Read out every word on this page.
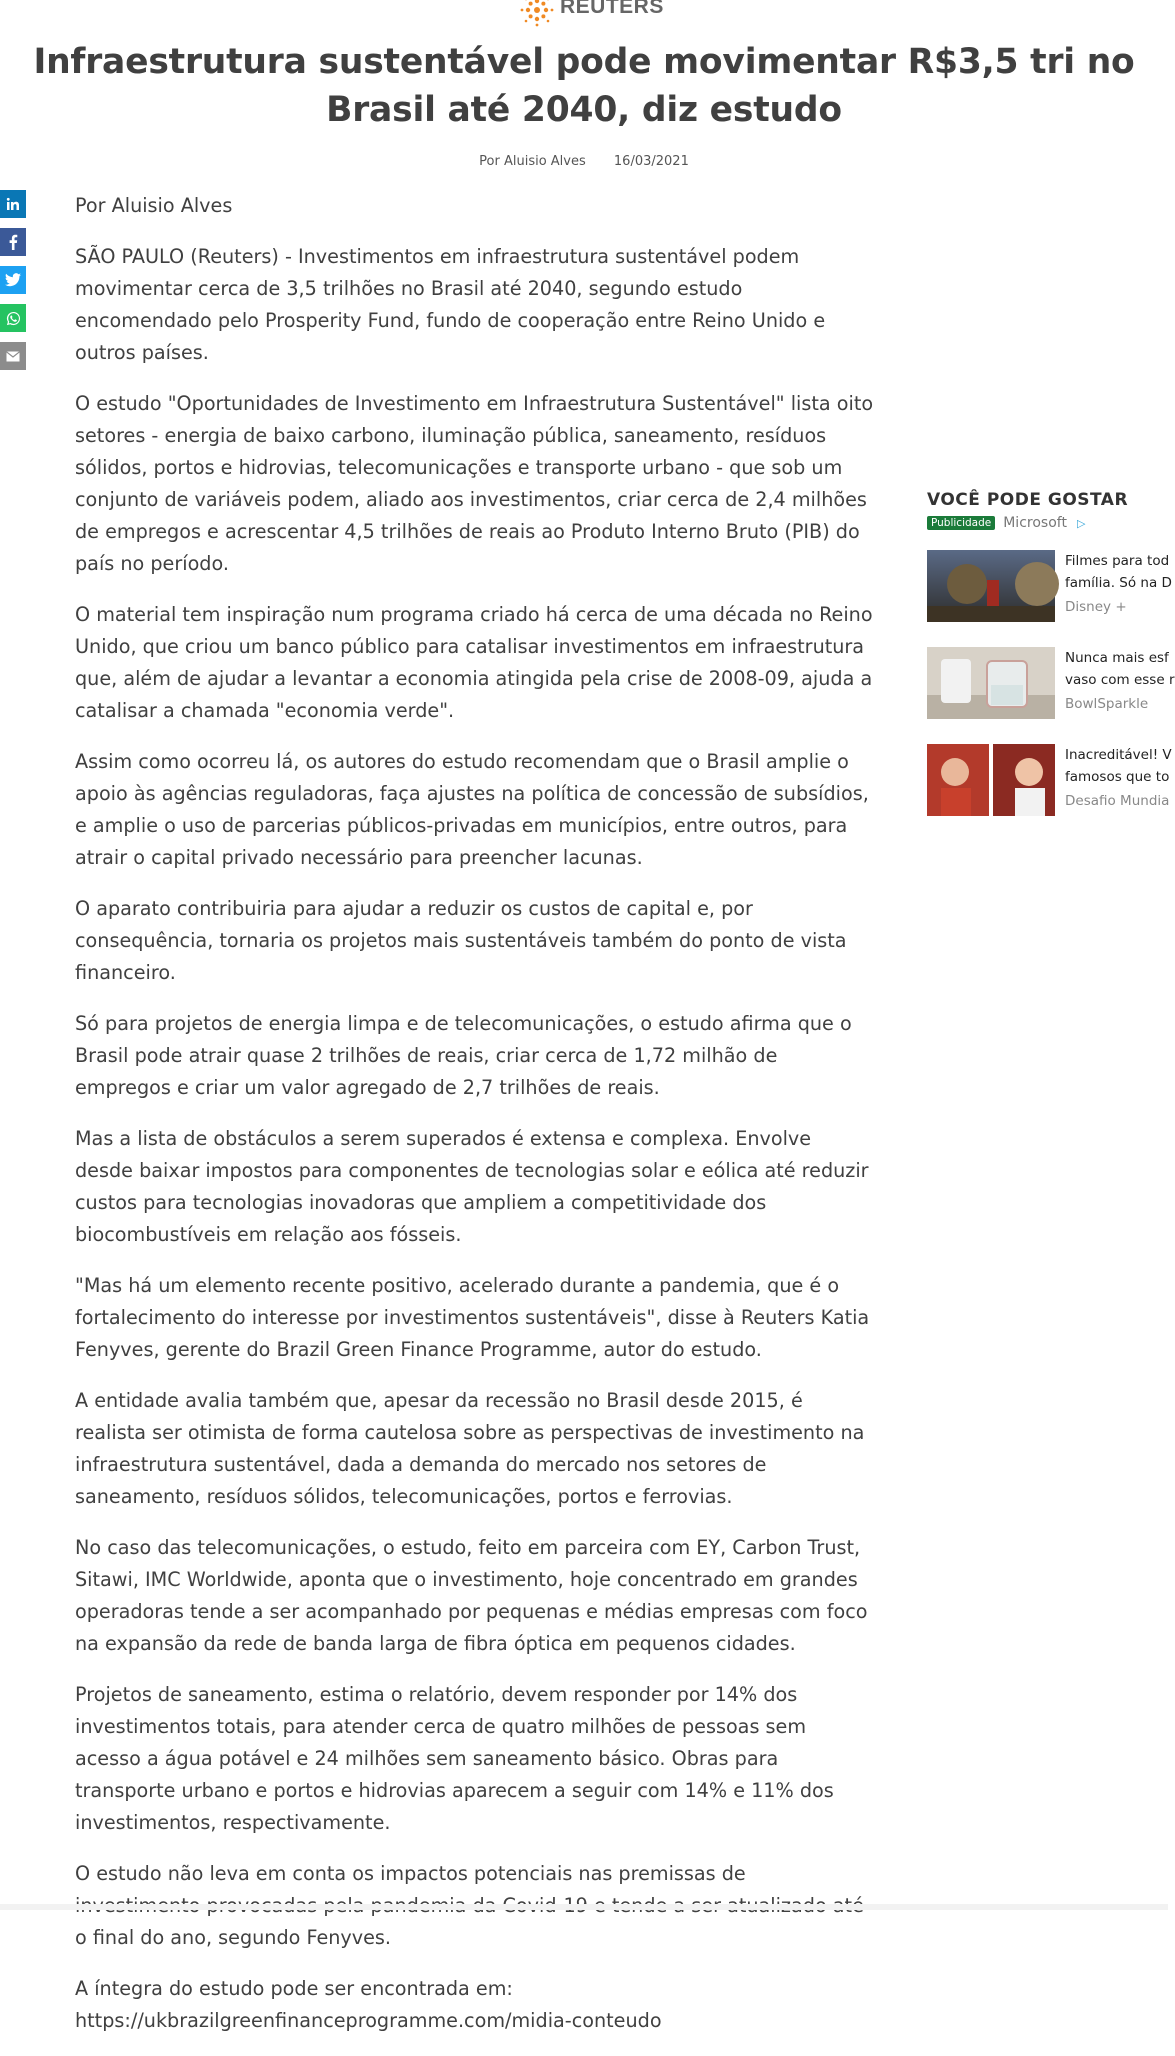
REUTERS
Infraestrutura sustentável pode movimentar R$3,5 tri no Brasil até 2040, diz estudo
Por Aluisio Alves 16/03/2021
Por Aluisio Alves

SÃO PAULO (Reuters) - Investimentos em infraestrutura sustentável podem movimentar cerca de 3,5 trilhões no Brasil até 2040, segundo estudo encomendado pelo Prosperity Fund, fundo de cooperação entre Reino Unido e outros países.

O estudo "Oportunidades de Investimento em Infraestrutura Sustentável" lista oito setores - energia de baixo carbono, iluminação pública, saneamento, resíduos sólidos, portos e hidrovias, telecomunicações e transporte urbano - que sob um conjunto de variáveis podem, aliado aos investimentos, criar cerca de 2,4 milhões de empregos e acrescentar 4,5 trilhões de reais ao Produto Interno Bruto (PIB) do país no período.

O material tem inspiração num programa criado há cerca de uma década no Reino Unido, que criou um banco público para catalisar investimentos em infraestrutura que, além de ajudar a levantar a economia atingida pela crise de 2008-09, ajuda a catalisar a chamada "economia verde".

Assim como ocorreu lá, os autores do estudo recomendam que o Brasil amplie o apoio às agências reguladoras, faça ajustes na política de concessão de subsídios, e amplie o uso de parcerias públicos-privadas em municípios, entre outros, para atrair o capital privado necessário para preencher lacunas.

O aparato contribuiria para ajudar a reduzir os custos de capital e, por consequência, tornaria os projetos mais sustentáveis também do ponto de vista financeiro.

Só para projetos de energia limpa e de telecomunicações, o estudo afirma que o Brasil pode atrair quase 2 trilhões de reais, criar cerca de 1,72 milhão de empregos e criar um valor agregado de 2,7 trilhões de reais.

Mas a lista de obstáculos a serem superados é extensa e complexa. Envolve desde baixar impostos para componentes de tecnologias solar e eólica até reduzir custos para tecnologias inovadoras que ampliem a competitividade dos biocombustíveis em relação aos fósseis.

"Mas há um elemento recente positivo, acelerado durante a pandemia, que é o fortalecimento do interesse por investimentos sustentáveis", disse à Reuters Katia Fenyves, gerente do Brazil Green Finance Programme, autor do estudo.

A entidade avalia também que, apesar da recessão no Brasil desde 2015, é realista ser otimista de forma cautelosa sobre as perspectivas de investimento na infraestrutura sustentável, dada a demanda do mercado nos setores de saneamento, resíduos sólidos, telecomunicações, portos e ferrovias.

No caso das telecomunicações, o estudo, feito em parceira com EY, Carbon Trust, Sitawi, IMC Worldwide, aponta que o investimento, hoje concentrado em grandes operadoras tende a ser acompanhado por pequenas e médias empresas com foco na expansão da rede de banda larga de fibra óptica em pequenos cidades.

Projetos de saneamento, estima o relatório, devem responder por 14% dos investimentos totais, para atender cerca de quatro milhões de pessoas sem acesso a água potável e 24 milhões sem saneamento básico. Obras para transporte urbano e portos e hidrovias aparecem a seguir com 14% e 11% dos investimentos, respectivamente.

O estudo não leva em conta os impactos potenciais nas premissas de o final do ano, segundo Fenyves.

A íntegra do estudo pode ser encontrada em: https://ukbrazilgreenfinanceprogramme.com/midia-conteudo

VOCÊ PODE GOSTAR
Publicidade Microsoft ▷
Filmes para tod
família. Só na D
Disney +
Nunca mais esf
vaso com esse r
BowlSparkle
Inacreditável! V
famosos que to
Desafio Mundia
